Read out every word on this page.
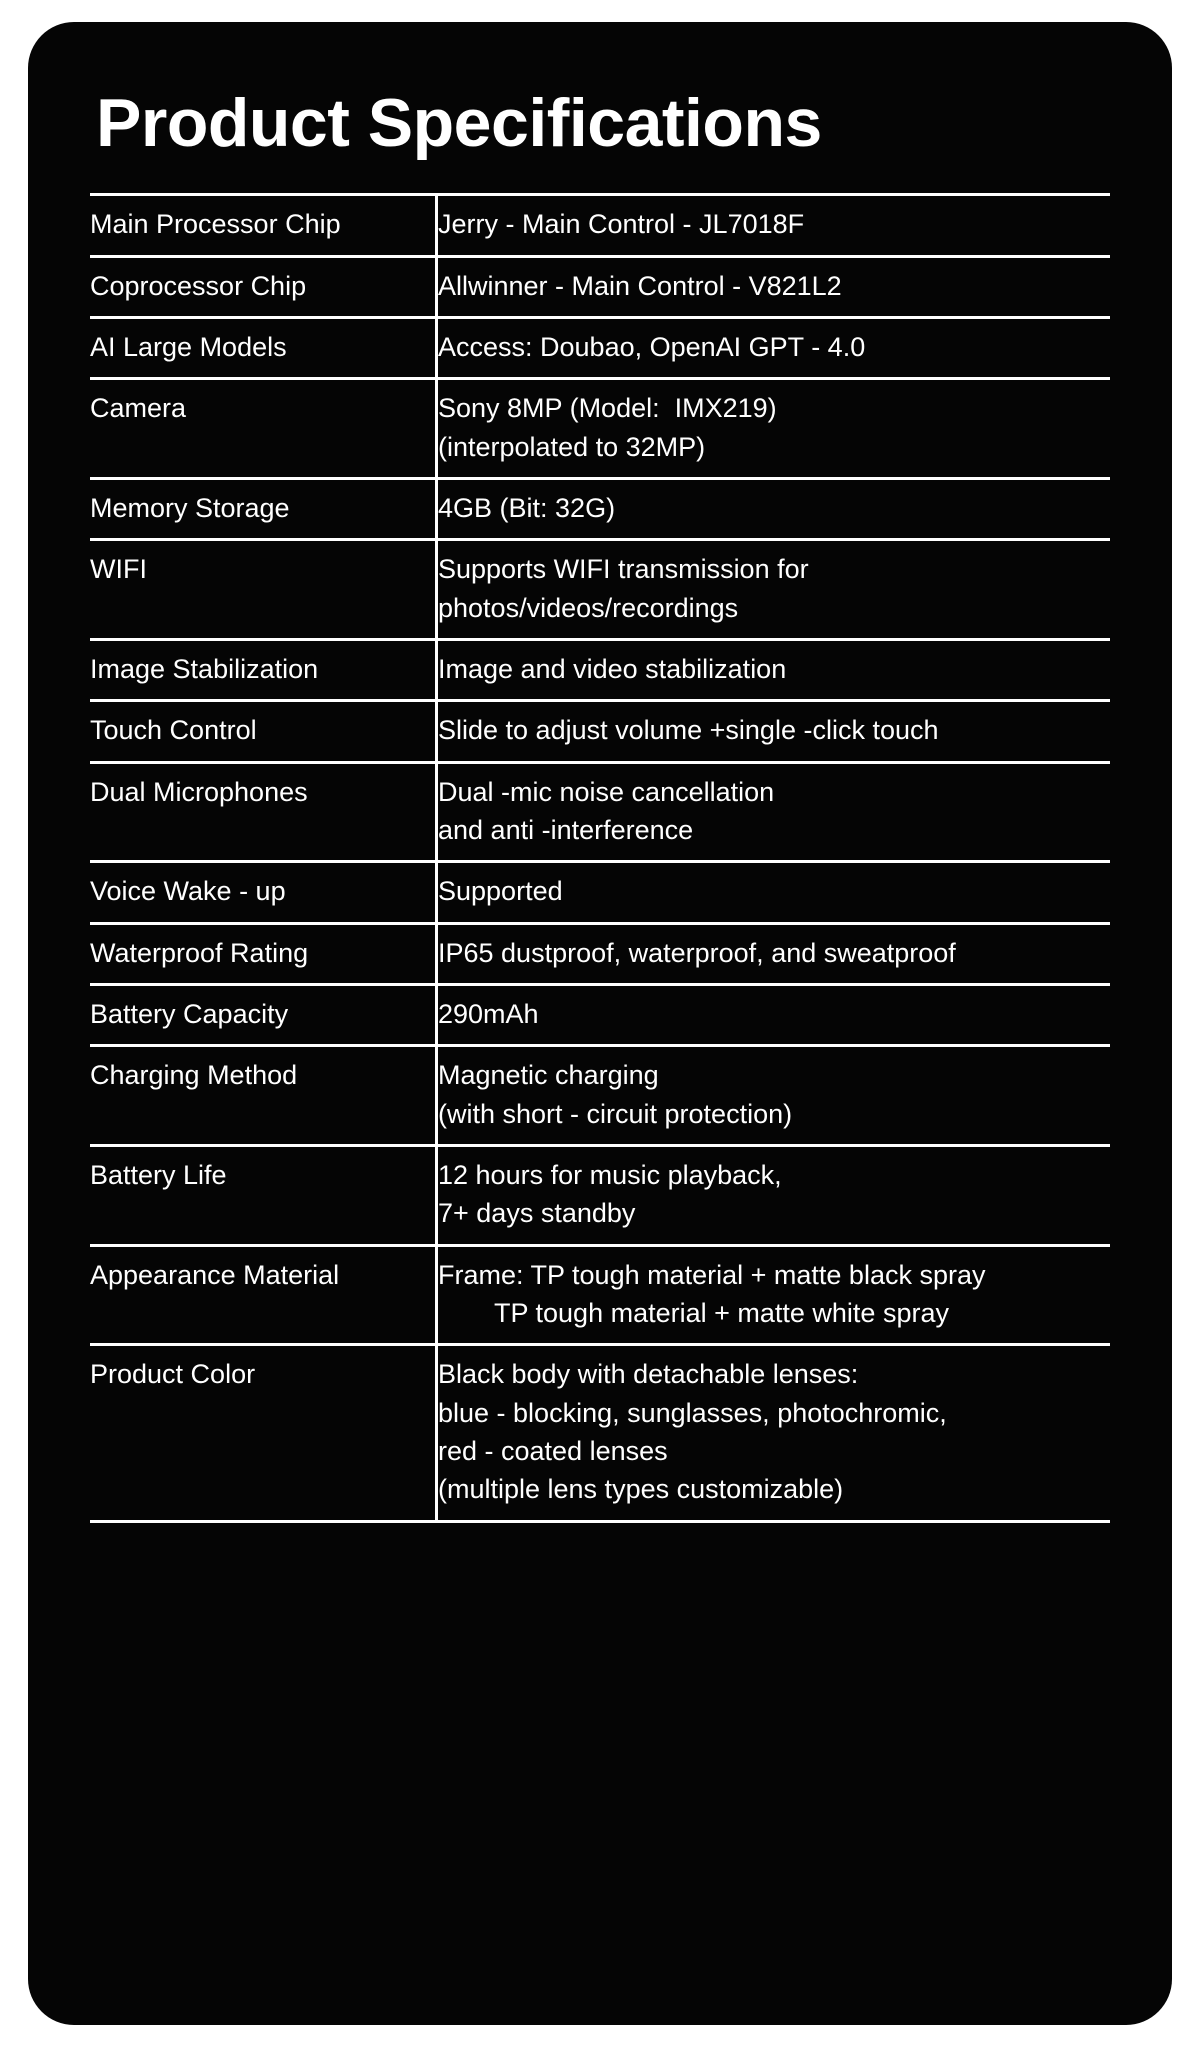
Product Specifications
Main Processor Chip	Jerry - Main Control - JL7018F

Coprocessor Chip	Allwinner - Main Control - V821L2

AI Large Models	Access: Doubao, OpenAI GPT - 4.0

Camera	Sony 8MP (Model:  IMX219)
(interpolated to 32MP)

Memory Storage	4GB (Bit: 32G)

WIFI	Supports WIFI transmission for
photos/videos/recordings

Image Stabilization	Image and video stabilization

Touch Control	Slide to adjust volume +single -click touch

Dual Microphones	Dual -mic noise cancellation
and anti -interference

Voice Wake - up	Supported

Waterproof Rating	IP65 dustproof, waterproof, and sweatproof

Battery Capacity	290mAh

Charging Method	Magnetic charging
(with short - circuit protection)

Battery Life	12 hours for music playback,
7+ days standby

Appearance Material	Frame: TP tough material + matte black spray
TP tough material + matte white spray

Product Color	Black body with detachable lenses:
blue - blocking, sunglasses, photochromic,
red - coated lenses
(multiple lens types customizable)
